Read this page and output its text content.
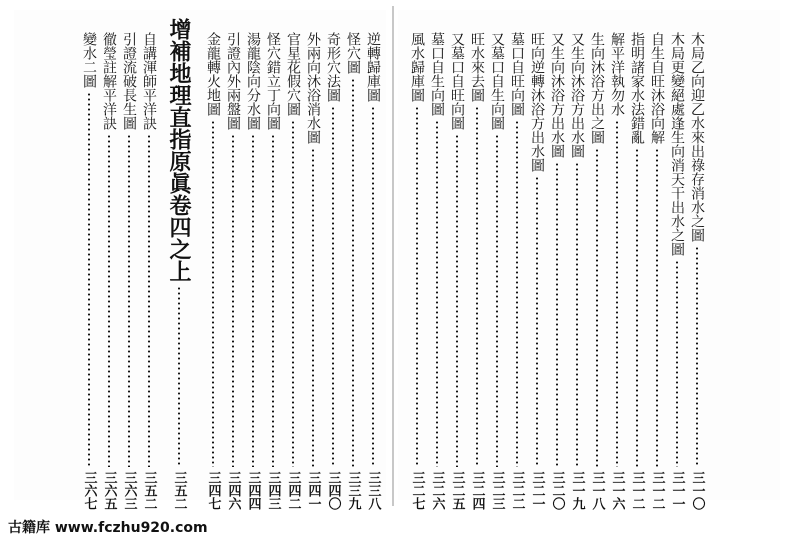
逆轉歸庫圖
三三八
怪穴圖
三三九
奇形穴法圖
三四〇
外兩向沐浴消水圖
三四一
官星花假穴圖
三四二
怪穴錯立丁向圖
三四三
湯龍陰向分水圖
三四四
引證內外兩盤圖
三四六
金龍轉火地圖
三四七
增補地理直指原眞卷四之上
三五二
自講渾師平洋訣
三五二
引證流破長生圖
三六三
徹瑩註解平洋訣
三六五
變水二圖
三六七
木局乙向迎乙水來出祿存消水之圖
三一〇
木局更變絕處逢生向消天干出水之圖
三一一
自生自旺沐浴向解
三一二
指明諸家水法錯亂
三一二
解平洋執勿水
三一六
生向沐浴方出之圖
三一八
又生向沐浴方出水圖
三一九
又生向沐浴方出水圖
三二〇
旺向逆轉沐浴方出水圖
三二一
墓口自旺向圖
三二二
又墓口自生向圖
三二三
旺水來去圖
三二四
又墓口自旺向圖
三二五
墓口自生向圖
三二六
風水歸庫圖
三二七
古籍库 www.fczhu920.com
